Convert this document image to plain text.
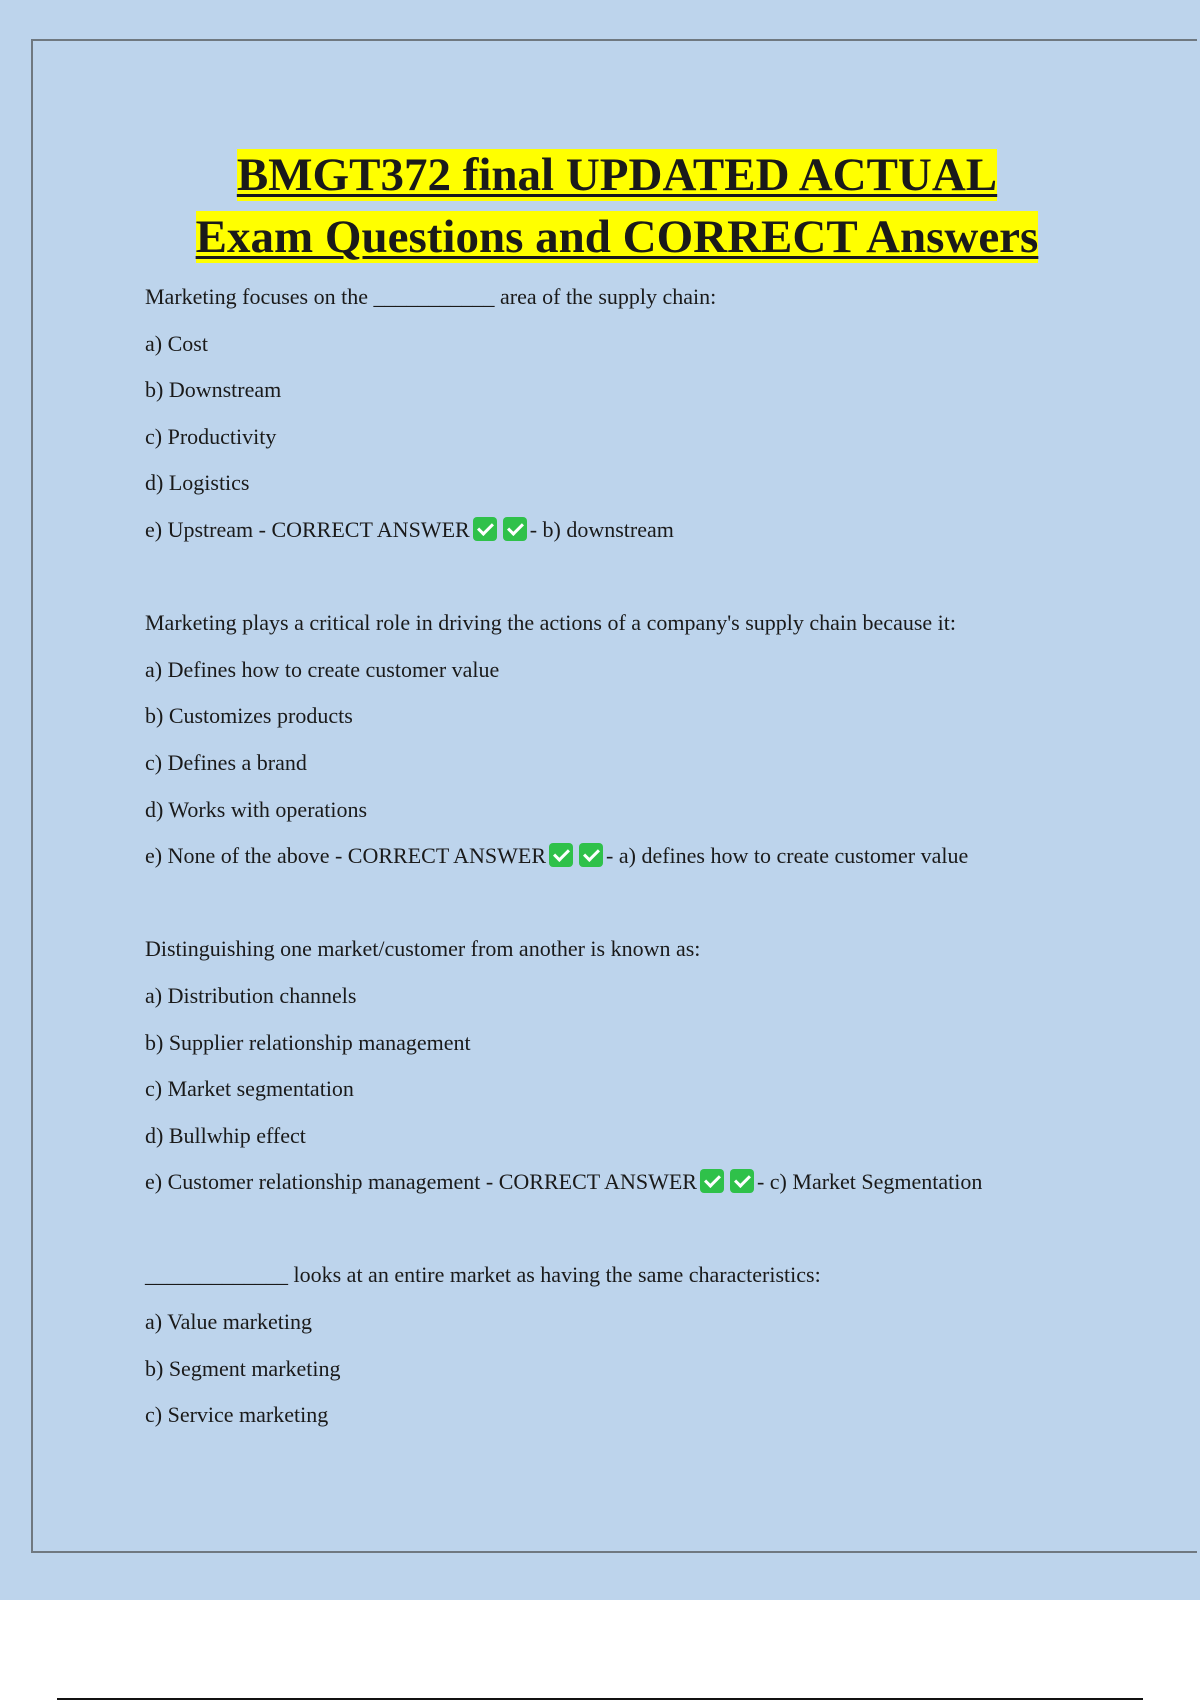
BMGT372 final UPDATED ACTUAL
Exam Questions and CORRECT Answers
Marketing focuses on the ___________ area of the supply chain:
a) Cost
b) Downstream
c) Productivity
d) Logistics
e) Upstream - CORRECT ANSWER	- b) downstream
Marketing plays a critical role in driving the actions of a company's supply chain because it:
a) Defines how to create customer value
b) Customizes products
c) Defines a brand
d) Works with operations
e) None of the above - CORRECT ANSWER	- a) defines how to create customer value
Distinguishing one market/customer from another is known as:
a) Distribution channels
b) Supplier relationship management
c) Market segmentation
d) Bullwhip effect
e) Customer relationship management - CORRECT ANSWER	- c) Market Segmentation
_____________ looks at an entire market as having the same characteristics:
a) Value marketing
b) Segment marketing
c) Service marketing
